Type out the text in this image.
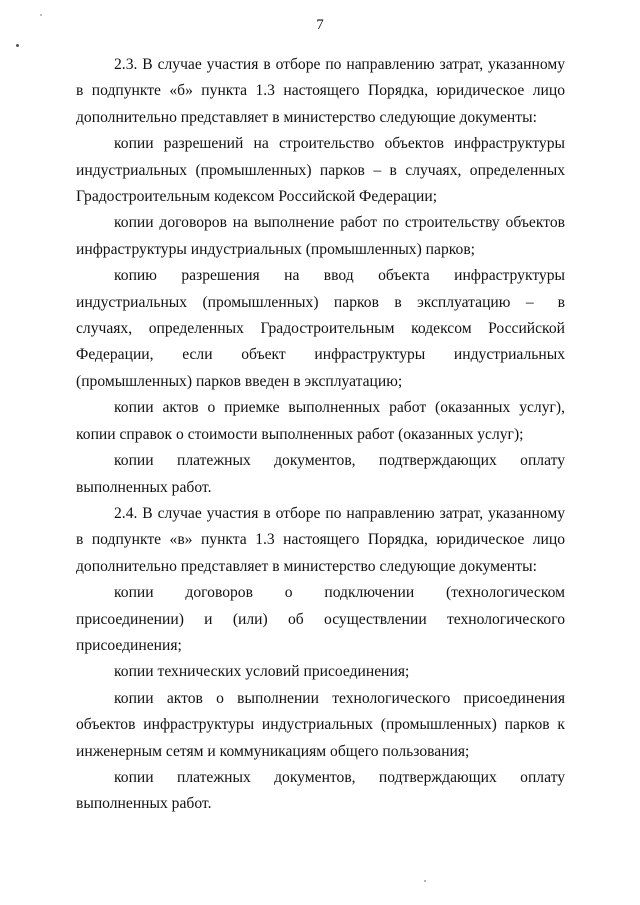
7

2.3. В случае участия в отборе по направлению затрат, указанному в подпункте «б» пункта 1.3 настоящего Порядка, юридическое лицо дополнительно представляет в министерство следующие документы:

копии разрешений на строительство объектов инфраструктуры индустриальных (промышленных) парков – в случаях, определенных Градостроительным кодексом Российской Федерации;

копии договоров на выполнение работ по строительству объектов инфраструктуры индустриальных (промышленных) парков;

копию разрешения на ввод объекта инфраструктуры индустриальных (промышленных) парков в эксплуатацию – в случаях, определенных Градостроительным кодексом Российской Федерации, если объект инфраструктуры индустриальных (промышленных) парков введен в эксплуатацию;

копии актов о приемке выполненных работ (оказанных услуг), копии справок о стоимости выполненных работ (оказанных услуг);

копии платежных документов, подтверждающих оплату выполненных работ.

2.4. В случае участия в отборе по направлению затрат, указанному в подпункте «в» пункта 1.3 настоящего Порядка, юридическое лицо дополнительно представляет в министерство следующие документы:

копии договоров о подключении (технологическом присоединении) и (или) об осуществлении технологического присоединения;

копии технических условий присоединения;

копии актов о выполнении технологического присоединения объектов инфраструктуры индустриальных (промышленных) парков к инженерным сетям и коммуникациям общего пользования;

копии платежных документов, подтверждающих оплату выполненных работ.
